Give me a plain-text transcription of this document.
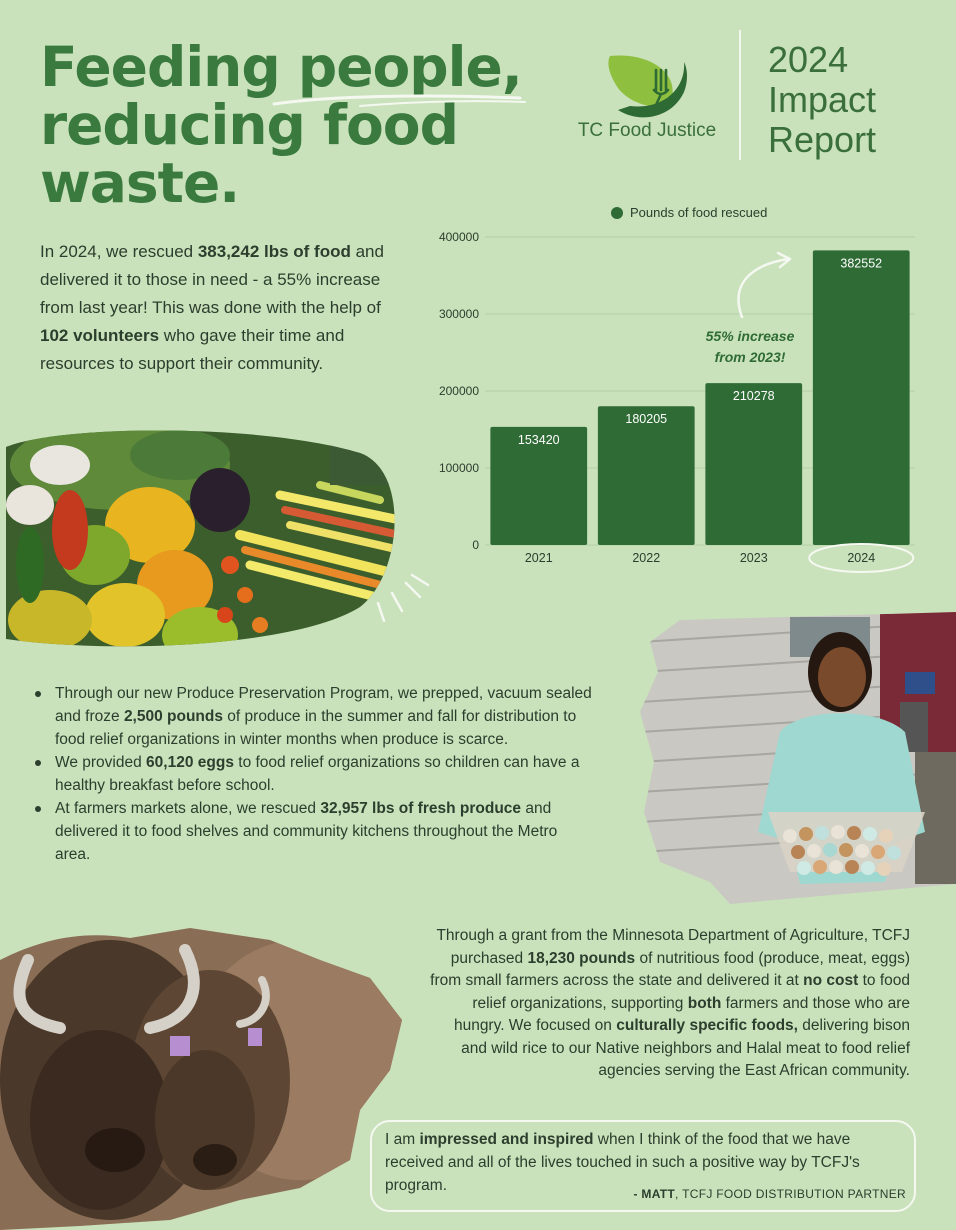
Feeding people,
reducing food
waste.
TC Food Justice
2024
Impact
Report

In 2024, we rescued 383,242 lbs of food and delivered it to those in need - a 55% increase from last year! This was done with the help of 102 volunteers who gave their time and resources to support their community.

0
100000
200000
300000
400000
Pounds of food rescued
153420
2021
180205
2022
210278
2023
382552
2024
55% increase
from 2023!
Through our new Produce Preservation Program, we prepped, vacuum sealed and froze 2,500 pounds of produce in the summer and fall for distribution to food relief organizations in winter months when produce is scarce.
We provided 60,120 eggs to food relief organizations so children can have a healthy breakfast before school.
At farmers markets alone, we rescued 32,957 lbs of fresh produce and delivered it to food shelves and community kitchens throughout the Metro area.

Through a grant from the Minnesota Department of Agriculture, TCFJ purchased 18,230 pounds of nutritious food (produce, meat, eggs) from small farmers across the state and delivered it at no cost to food relief organizations, supporting both farmers and those who are hungry. We focused on culturally specific foods, delivering bison and wild rice to our Native neighbors and Halal meat to food relief agencies serving the East African community.

I am impressed and inspired when I think of the food that we have received and all of the lives touched in such a positive way by TCFJ's program.	- MATT, TCFJ FOOD DISTRIBUTION PARTNER
